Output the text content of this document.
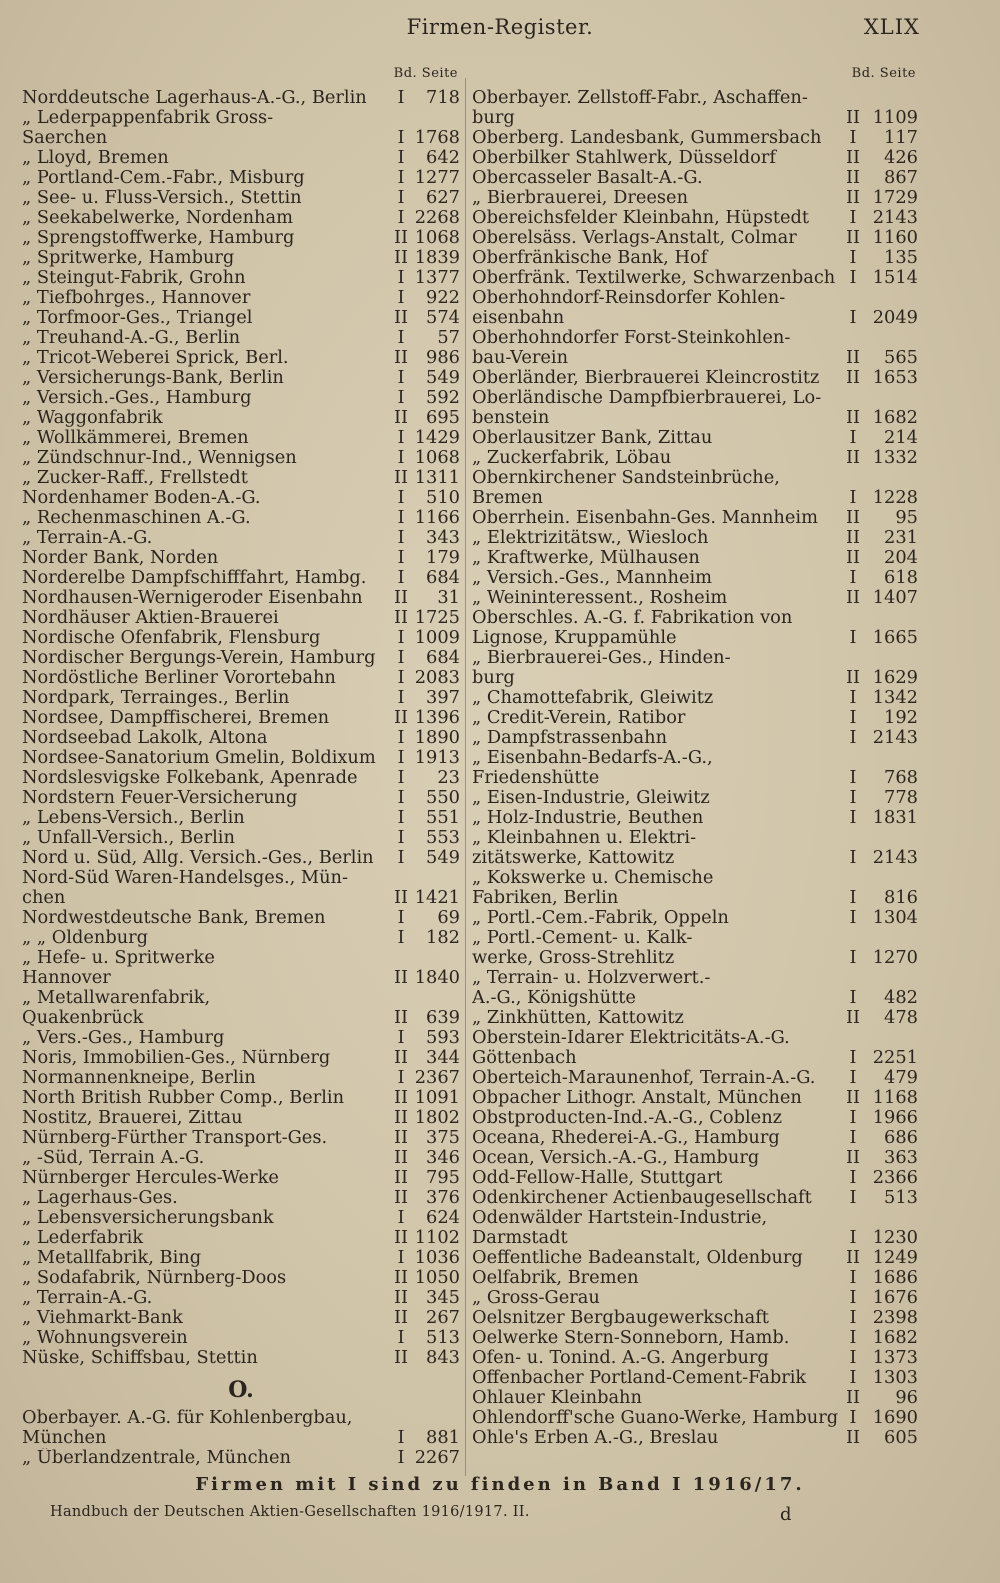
Firmen-Register.	XLIX
Bd. Seite
Norddeutsche Lagerhaus-A.-G., Berlin	I	718
„ Lederpappenfabrik Gross-
Saerchen	I 1768
„ Lloyd, Bremen	I	642
„ Portland-Cem.-Fabr., Misburg	I 1277
„ See- u. Fluss-Versich., Stettin	I	627
„ Seekabelwerke, Nordenham	I 2268
„ Sprengstoffwerke, Hamburg	II 1068
„ Spritwerke, Hamburg	II 1839
„ Steingut-Fabrik, Grohn	I 1377
„ Tiefbohrges., Hannover	I	922
„ Torfmoor-Ges., Triangel	II	574
„ Treuhand-A.-G., Berlin	I	57
„ Tricot-Weberei Sprick, Berl.	II	986
„ Versicherungs-Bank, Berlin	I	549
„ Versich.-Ges., Hamburg	I	592
„ Waggonfabrik	II	695
„ Wollkämmerei, Bremen	I 1429
„ Zündschnur-Ind., Wennigsen	I 1068
„ Zucker-Raff., Frellstedt	II 1311
Nordenhamer Boden-A.-G.	I	510
„ Rechenmaschinen A.-G.	I 1166
„ Terrain-A.-G.	I	343
Norder Bank, Norden	I	179
Norderelbe Dampfschifffahrt, Hambg.	I	684
Nordhausen-Wernigeroder Eisenbahn	II	31
Nordhäuser Aktien-Brauerei	II 1725
Nordische Ofenfabrik, Flensburg	I 1009
Nordischer Bergungs-Verein, Hamburg	I	684
Nordöstliche Berliner Vorortebahn	I 2083
Nordpark, Terrainges., Berlin	I	397
Nordsee, Dampffischerei, Bremen	II 1396
Nordseebad Lakolk, Altona	I 1890
Nordsee-Sanatorium Gmelin, Boldixum	I 1913
Nordslesvigske Folkebank, Apenrade	I	23
Nordstern Feuer-Versicherung	I	550
„ Lebens-Versich., Berlin	I	551
„ Unfall-Versich., Berlin	I	553
Nord u. Süd, Allg. Versich.-Ges., Berlin	I	549
Nord-Süd Waren-Handelsges., Mün-
chen	II 1421
Nordwestdeutsche Bank, Bremen	I	69
„ „ Oldenburg	I	182
„ Hefe- u. Spritwerke
Hannover	II 1840
„ Metallwarenfabrik,
Quakenbrück	II	639
„ Vers.-Ges., Hamburg	I	593
Noris, Immobilien-Ges., Nürnberg	II	344
Normannenkneipe, Berlin	I 2367
North British Rubber Comp., Berlin	II 1091
Nostitz, Brauerei, Zittau	II 1802
Nürnberg-Fürther Transport-Ges.	II	375
„ -Süd, Terrain A.-G.	II	346
Nürnberger Hercules-Werke	II	795
„ Lagerhaus-Ges.	II	376
„ Lebensversicherungsbank	I	624
„ Lederfabrik	II 1102
„ Metallfabrik, Bing	I 1036
„ Sodafabrik, Nürnberg-Doos	II 1050
„ Terrain-A.-G.	II	345
„ Viehmarkt-Bank	II	267
„ Wohnungsverein	I	513
Nüske, Schiffsbau, Stettin	II	843
O.
Oberbayer. A.-G. für Kohlenbergbau,
München	I	881
„ Überlandzentrale, München	I 2267
Bd. Seite
Oberbayer. Zellstoff-Fabr., Aschaffen-
burg	II 1109
Oberberg. Landesbank, Gummersbach	I	117
Oberbilker Stahlwerk, Düsseldorf	II	426
Obercasseler Basalt-A.-G.	II	867
„ Bierbrauerei, Dreesen	II 1729
Obereichsfelder Kleinbahn, Hüpstedt	I 2143
Oberelsäss. Verlags-Anstalt, Colmar	II 1160
Oberfränkische Bank, Hof	I	135
Oberfränk. Textilwerke, Schwarzenbach I 1514
Oberhohndorf-Reinsdorfer Kohlen-
eisenbahn	I 2049
Oberhohndorfer Forst-Steinkohlen-
bau-Verein	II	565
Oberländer, Bierbrauerei Kleincrostitz	II 1653
Oberländische Dampfbierbrauerei, Lo-
benstein	II 1682
Oberlausitzer Bank, Zittau	I	214
„ Zuckerfabrik, Löbau	II 1332
Obernkirchener Sandsteinbrüche,
Bremen	I 1228
Oberrhein. Eisenbahn-Ges. Mannheim	II	95
„ Elektrizitätsw., Wiesloch	II	231
„ Kraftwerke, Mülhausen	II	204
„ Versich.-Ges., Mannheim	I	618
„ Weininteressent., Rosheim	II 1407
Oberschles. A.-G. f. Fabrikation von
Lignose, Kruppamühle	I 1665
„ Bierbrauerei-Ges., Hinden-
burg	II 1629
„ Chamottefabrik, Gleiwitz	I 1342
„ Credit-Verein, Ratibor	I	192
„ Dampfstrassenbahn	I 2143
„ Eisenbahn-Bedarfs-A.-G.,
Friedenshütte	I	768
„ Eisen-Industrie, Gleiwitz	I	778
„ Holz-Industrie, Beuthen	I 1831
„ Kleinbahnen u. Elektri-
zitätswerke, Kattowitz	I 2143
„ Kokswerke u. Chemische
Fabriken, Berlin	I	816
„ Portl.-Cem.-Fabrik, Oppeln	I 1304
„ Portl.-Cement- u. Kalk-
werke, Gross-Strehlitz	I 1270
„ Terrain- u. Holzverwert.-
A.-G., Königshütte	I	482
„ Zinkhütten, Kattowitz	II	478
Oberstein-Idarer Elektricitäts-A.-G.
Göttenbach	I 2251
Oberteich-Maraunenhof, Terrain-A.-G.	I	479
Obpacher Lithogr. Anstalt, München	II 1168
Obstproducten-Ind.-A.-G., Coblenz	I 1966
Oceana, Rhederei-A.-G., Hamburg	I	686
Ocean, Versich.-A.-G., Hamburg	II	363
Odd-Fellow-Halle, Stuttgart	I 2366
Odenkirchener Actienbaugesellschaft	I	513
Odenwälder Hartstein-Industrie,
Darmstadt	I 1230
Oeffentliche Badeanstalt, Oldenburg	II 1249
Oelfabrik, Bremen	I 1686
„ Gross-Gerau	I 1676
Oelsnitzer Bergbaugewerkschaft	I 2398
Oelwerke Stern-Sonneborn, Hamb.	I 1682
Ofen- u. Tonind. A.-G. Angerburg	I 1373
Offenbacher Portland-Cement-Fabrik	I 1303
Ohlauer Kleinbahn	II	96
Ohlendorff'sche Guano-Werke, Hamburg I 1690
Ohle's Erben A.-G., Breslau	II	605
Firmen mit I sind zu finden in Band I 1916/17.
Handbuch der Deutschen Aktien-Gesellschaften 1916/1917. II.	d
